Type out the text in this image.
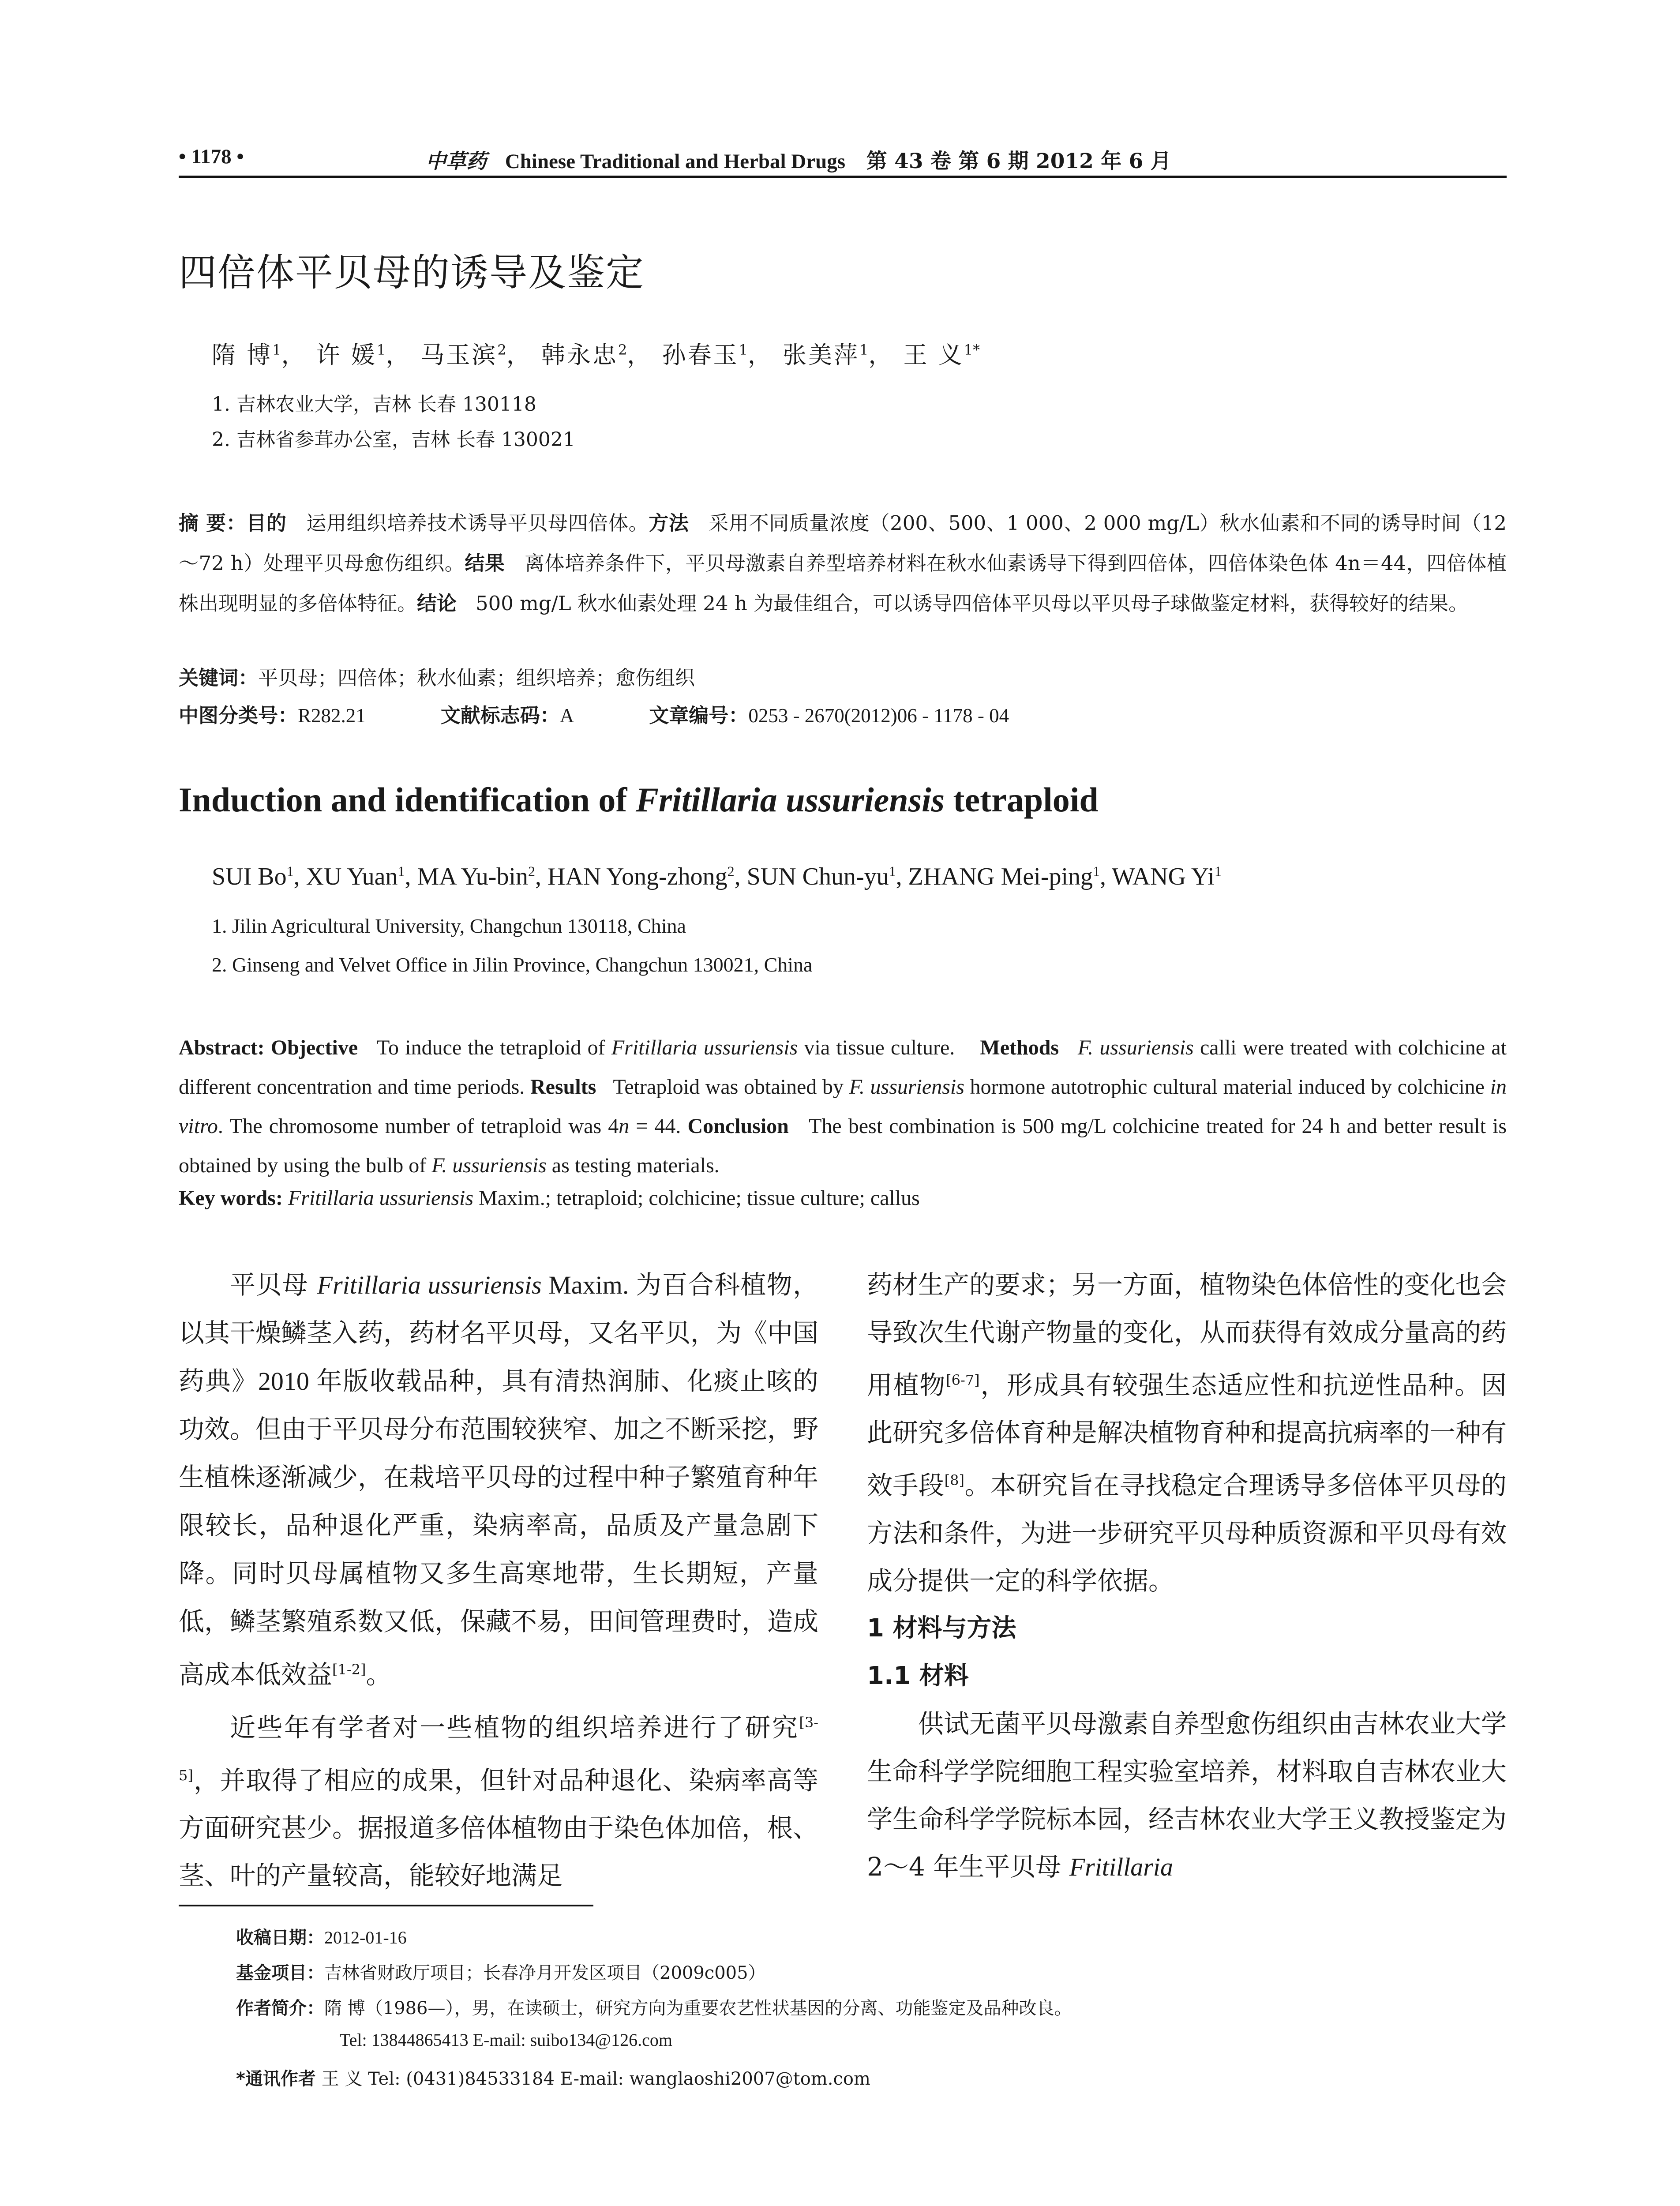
• 1178 •	中草药 Chinese Traditional and Herbal Drugs 第 43 卷 第 6 期 2012 年 6 月
四倍体平贝母的诱导及鉴定
隋 博$^1$， 许 媛$^1$， 马玉滨$^2$， 韩永忠$^2$， 孙春玉$^1$， 张美萍$^1$， 王 义$^{1*}$
1. 吉林农业大学，吉林 长春 130118
2. 吉林省参茸办公室，吉林 长春 130021
摘 要：目的 运用组织培养技术诱导平贝母四倍体。方法 采用不同质量浓度（200、500、1 000、2 000 mg/L）秋水仙素和不同的诱导时间（12～72 h）处理平贝母愈伤组织。结果 离体培养条件下，平贝母激素自养型培养材料在秋水仙素诱导下得到四倍体，四倍体染色体 4n＝44，四倍体植株出现明显的多倍体特征。结论 500 mg/L 秋水仙素处理 24 h 为最佳组合，可以诱导四倍体平贝母以平贝母子球做鉴定材料，获得较好的结果。
关键词：平贝母；四倍体；秋水仙素；组织培养；愈伤组织
中图分类号：R282.21	文献标志码：A	文章编号：0253 - 2670(2012)06 - 1178 - 04
Induction and identification of Fritillaria ussuriensis tetraploid
SUI Bo$^1$, XU Yuan$^1$, MA Yu-bin$^2$, HAN Yong-zhong$^2$, SUN Chun-$yu^1$, ZHANG Mei-ping$^1$, WANG Yi$^1$
1. Jilin Agricultural University, Changchun 130118, China
2. Ginseng and Velvet Office in Jilin Province, Changchun 130021, China
Abstract: Objective To induce the tetraploid of Fritillaria ussuriensis via tissue culture. Methods F. ussuriensis calli were treated with colchicine at different concentration and time periods. Results Tetraploid was obtained by F. ussuriensis hormone autotrophic cultural material induced by colchicine in vitro. The chromosome number of tetraploid was 4n = 44. Conclusion The best combination is 500 mg/L colchicine treated for 24 h and better result is obtained by using the bulb of F. ussuriensis as testing materials.
Key words: Fritillaria ussuriensis Maxim.; tetraploid; colchicine; tissue culture; callus

平贝母 Fritillaria ussuriensis Maxim. 为百合科植物，以其干燥鳞茎入药，药材名平贝母，又名平贝，为《中国药典》2010 年版收载品种，具有清热润肺、化痰止咳的功效。但由于平贝母分布范围较狭窄、加之不断采挖，野生植株逐渐减少，在栽培平贝母的过程中种子繁殖育种年限较长，品种退化严重，染病率高，品质及产量急剧下降。同时贝母属植物又多生高寒地带，生长期短，产量低，鳞茎繁殖系数又低，保藏不易，田间管理费时，造成高成本低效益[1-2]。

近些年有学者对一些植物的组织培养进行了研究[3-5]，并取得了相应的成果，但针对品种退化、染病率高等方面研究甚少。据报道多倍体植物由于染色体加倍，根、茎、叶的产量较高，能较好地满足

药材生产的要求；另一方面，植物染色体倍性的变化也会导致次生代谢产物量的变化，从而获得有效成分量高的药用植物[6-7]，形成具有较强生态适应性和抗逆性品种。因此研究多倍体育种是解决植物育种和提高抗病率的一种有效手段[8]。本研究旨在寻找稳定合理诱导多倍体平贝母的方法和条件，为进一步研究平贝母种质资源和平贝母有效成分提供一定的科学依据。

1 材料与方法

1.1 材料

供试无菌平贝母激素自养型愈伤组织由吉林农业大学生命科学学院细胞工程实验室培养，材料取自吉林农业大学生命科学学院标本园，经吉林农业大学王义教授鉴定为 2～4 年生平贝母 Fritillaria

收稿日期：2012-01-16
基金项目：吉林省财政厅项目；长春净月开发区项目（2009c005）
作者简介：隋 博（1986—），男，在读硕士，研究方向为重要农艺性状基因的分离、功能鉴定及品种改良。
Tel: 13844865413 E-mail: suibo134@126.com
*通讯作者 王 义 Tel: (0431)84533184 E-mail: wanglaoshi2007@tom.com
